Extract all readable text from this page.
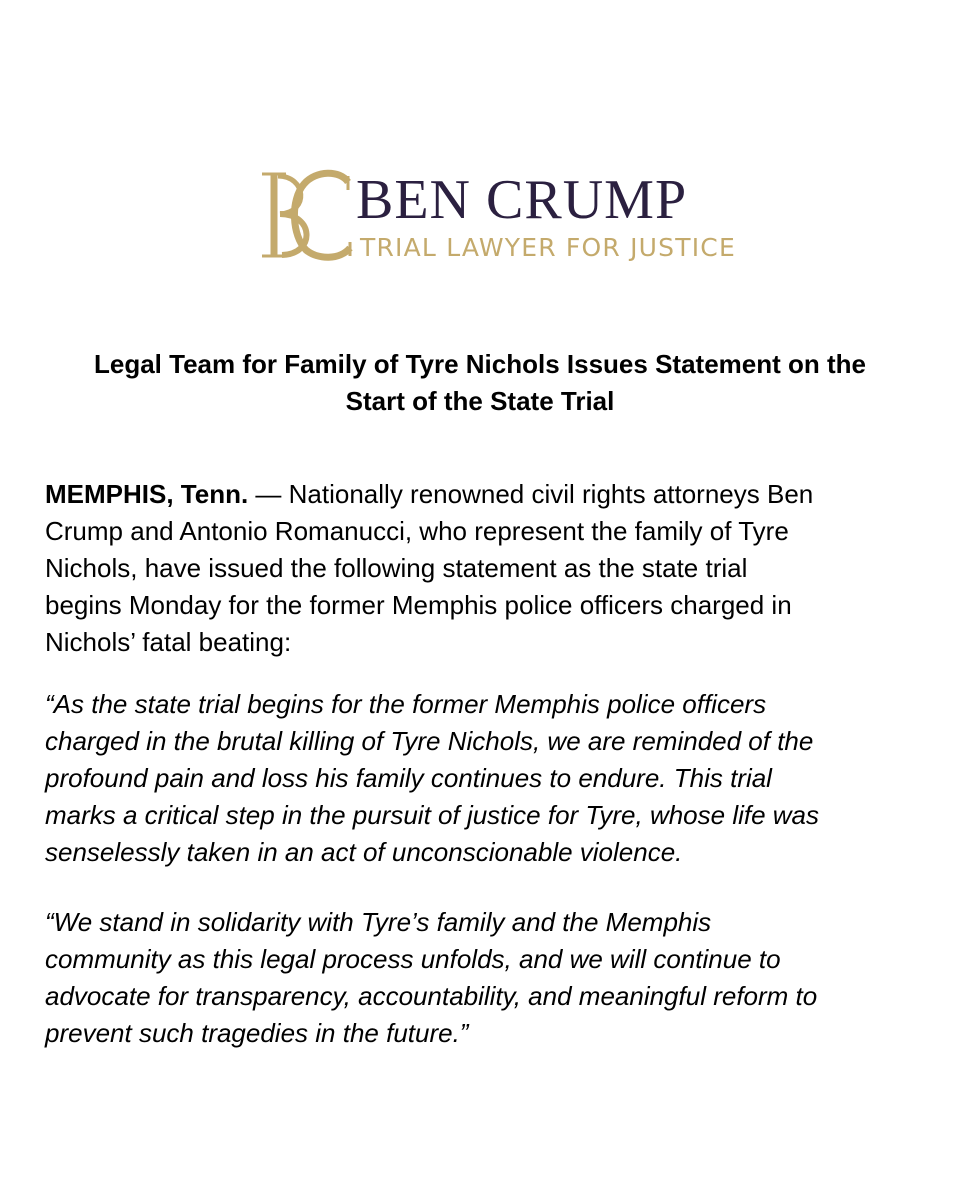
BEN CRUMP
TRIAL LAWYER FOR JUSTICE
Legal Team for Family of Tyre Nichols Issues Statement on the
Start of the State Trial

MEMPHIS, Tenn. — Nationally renowned civil rights attorneys Ben
Crump and Antonio Romanucci, who represent the family of Tyre
Nichols, have issued the following statement as the state trial
begins Monday for the former Memphis police officers charged in
Nichols’ fatal beating:

“As the state trial begins for the former Memphis police officers
charged in the brutal killing of Tyre Nichols, we are reminded of the
profound pain and loss his family continues to endure. This trial
marks a critical step in the pursuit of justice for Tyre, whose life was
senselessly taken in an act of unconscionable violence.

“We stand in solidarity with Tyre’s family and the Memphis
community as this legal process unfolds, and we will continue to
advocate for transparency, accountability, and meaningful reform to
prevent such tragedies in the future.”
